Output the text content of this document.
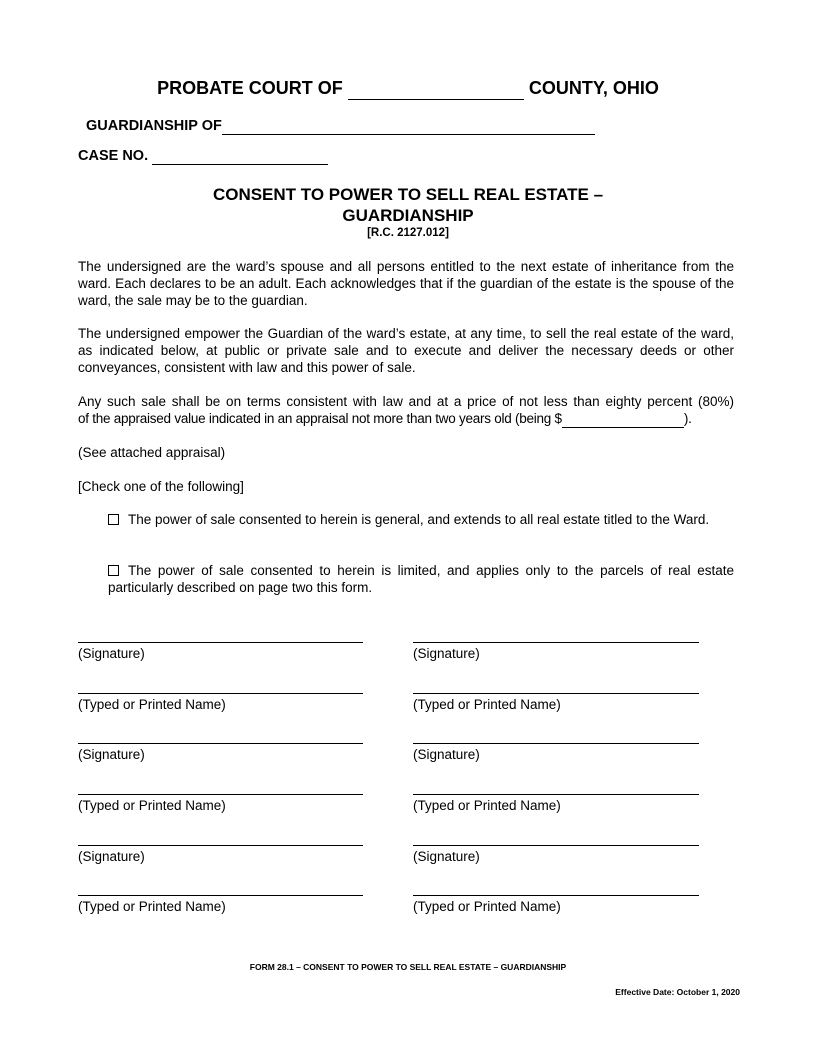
PROBATE COURT OF	COUNTY, OHIO
GUARDIANSHIP OF
CASE NO.
CONSENT TO POWER TO SELL REAL ESTATE –
GUARDIANSHIP
[R.C. 2127.012]
The undersigned are the ward’s spouse and all persons entitled to the next estate of inheritance from the ward. Each declares to be an adult. Each acknowledges that if the guardian of the estate is the spouse of the ward, the sale may be to the guardian.
The undersigned empower the Guardian of the ward’s estate, at any time, to sell the real estate of the ward, as indicated below, at public or private sale and to execute and deliver the necessary deeds or other conveyances, consistent with law and this power of sale.
Any such sale shall be on terms consistent with law and at a price of not less than eighty percent (80%)
of the appraised value indicated in an appraisal not more than two years old (being $	).
(See attached appraisal)
[Check one of the following]
The power of sale consented to herein is general, and extends to all real estate titled to the Ward.
The power of sale consented to herein is limited, and applies only to the parcels of real estate particularly described on page two this form.
(Signature)
(Typed or Printed Name)
(Signature)
(Typed or Printed Name)
(Signature)
(Typed or Printed Name)
(Signature)
(Typed or Printed Name)
(Signature)
(Typed or Printed Name)
(Signature)
(Typed or Printed Name)
FORM 28.1 – CONSENT TO POWER TO SELL REAL ESTATE – GUARDIANSHIP
Effective Date: October 1, 2020
